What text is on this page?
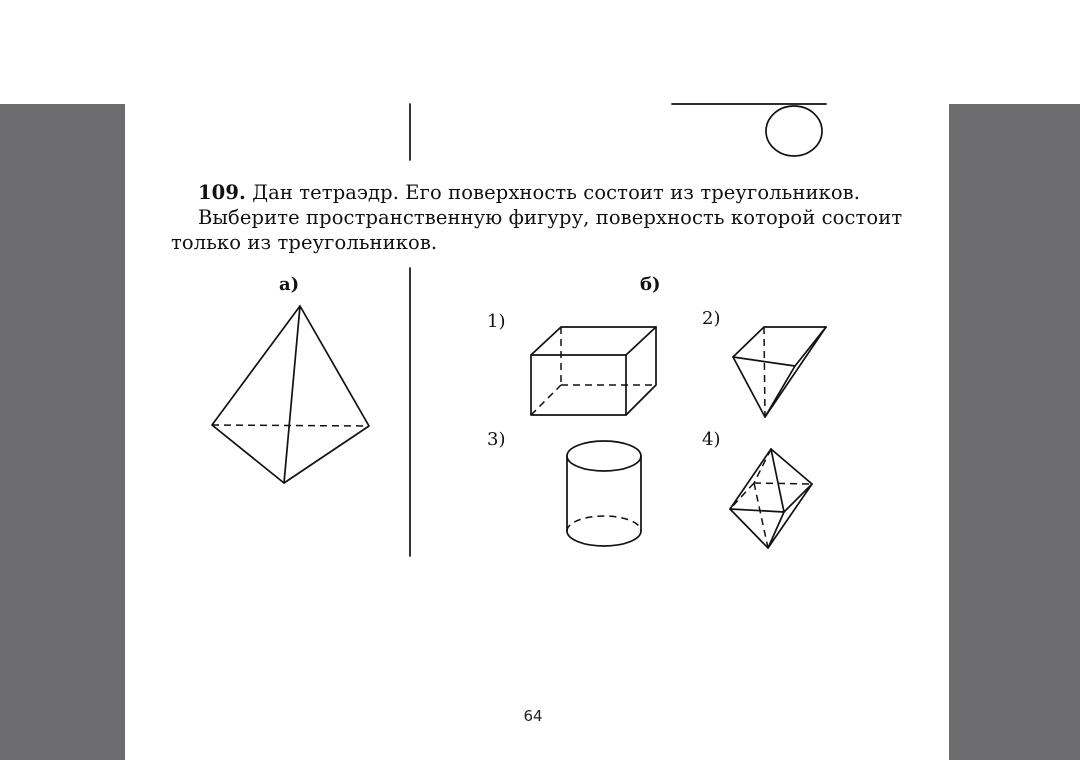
109. Дан тетраэдр. Его поверхность состоит из треугольников.
Выберите пространственную фигуру, поверхность которой состоит
только из треугольников.
а)	б)
1)	2)
3)	4)
64
